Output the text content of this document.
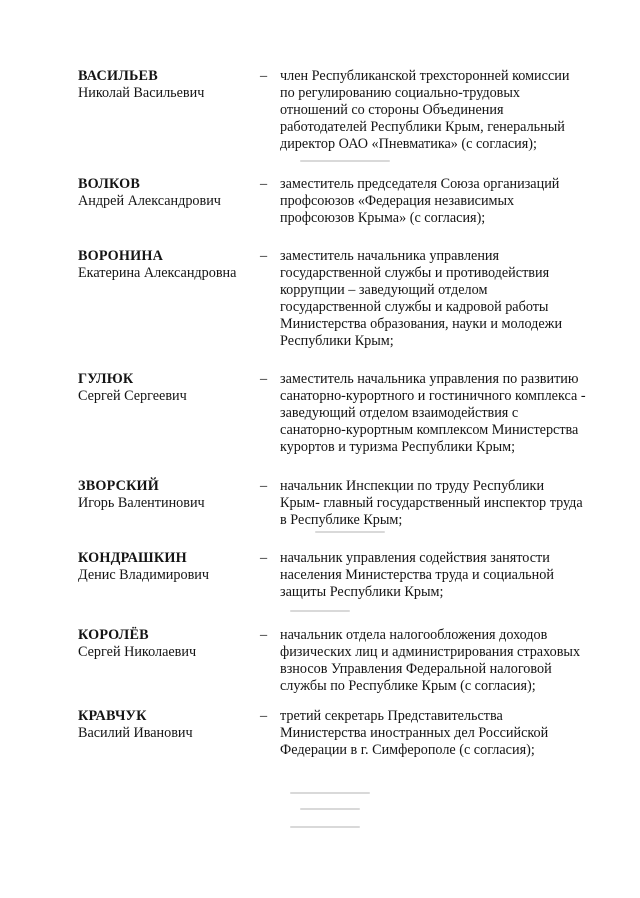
ВАСИЛЬЕВ
Николай Васильевич
– член Республиканской трехсторонней комиссии
по регулированию социально-трудовых
отношений со стороны Объединения
работодателей Республики Крым, генеральный
директор ОАО «Пневматика» (с согласия);
ВОЛКОВ
Андрей Александрович
– заместитель председателя Союза организаций
профсоюзов «Федерация независимых
профсоюзов Крыма» (с согласия);
ВОРОНИНА
Екатерина Александровна
– заместитель начальника управления
государственной службы и противодействия
коррупции – заведующий отделом
государственной службы и кадровой работы
Министерства образования, науки и молодежи
Республики Крым;
ГУЛЮК
Сергей Сергеевич
– заместитель начальника управления по развитию
санаторно-курортного и гостиничного комплекса -
заведующий отделом взаимодействия с
санаторно-курортным комплексом Министерства
курортов и туризма Республики Крым;
ЗВОРСКИЙ
Игорь Валентинович
– начальник Инспекции по труду Республики
Крым- главный государственный инспектор труда
в Республике Крым;
КОНДРАШКИН
Денис Владимирович
– начальник управления содействия занятости
населения Министерства труда и социальной
защиты Республики Крым;
КОРОЛЁВ
Сергей Николаевич
– начальник отдела налогообложения доходов
физических лиц и администрирования страховых
взносов Управления Федеральной налоговой
службы по Республике Крым (с согласия);
КРАВЧУК
Василий Иванович
– третий секретарь Представительства
Министерства иностранных дел Российской
Федерации в г. Симферополе (с согласия);
